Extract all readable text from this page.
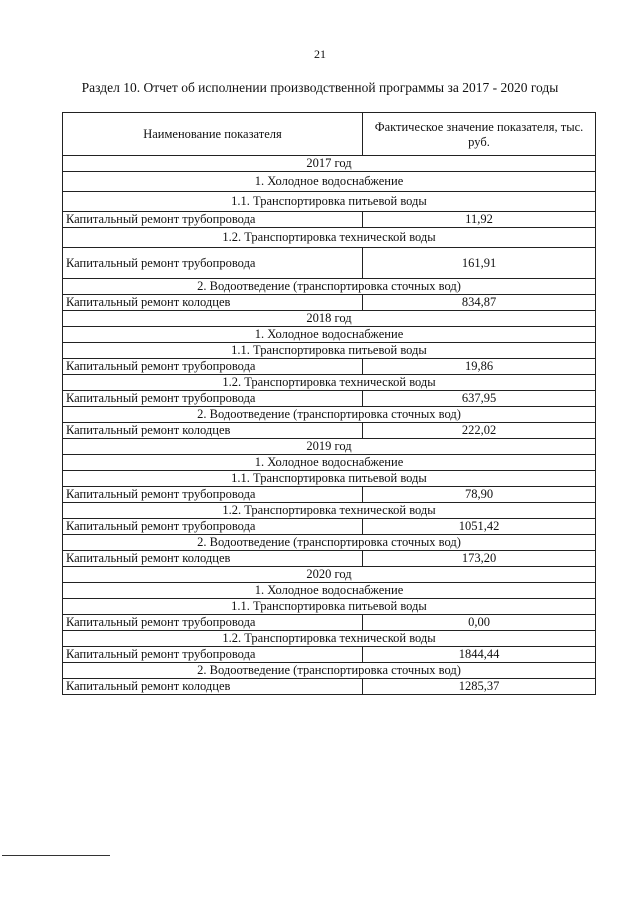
21
Раздел 10. Отчет об исполнении производственной программы за 2017 - 2020 годы
Наименование показателя	Фактическое значение показателя, тыс. руб.
2017 год	
1. Холодное водоснабжение	
1.1. Транспортировка питьевой воды	
Капитальный ремонт трубопровода	11,92
1.2. Транспортировка технической воды	
Капитальный ремонт трубопровода	161,91
2. Водоотведение (транспортировка сточных вод)	
Капитальный ремонт колодцев	834,87
2018 год	
1. Холодное водоснабжение	
1.1. Транспортировка питьевой воды	
Капитальный ремонт трубопровода	19,86
1.2. Транспортировка технической воды	
Капитальный ремонт трубопровода	637,95
2. Водоотведение (транспортировка сточных вод)	
Капитальный ремонт колодцев	222,02
2019 год	
1. Холодное водоснабжение	
1.1. Транспортировка питьевой воды	
Капитальный ремонт трубопровода	78,90
1.2. Транспортировка технической воды	
Капитальный ремонт трубопровода	1051,42
2. Водоотведение (транспортировка сточных вод)	
Капитальный ремонт колодцев	173,20
2020 год	
1. Холодное водоснабжение	
1.1. Транспортировка питьевой воды	
Капитальный ремонт трубопровода	0,00
1.2. Транспортировка технической воды	
Капитальный ремонт трубопровода	1844,44
2. Водоотведение (транспортировка сточных вод)	
Капитальный ремонт колодцев	1285,37
